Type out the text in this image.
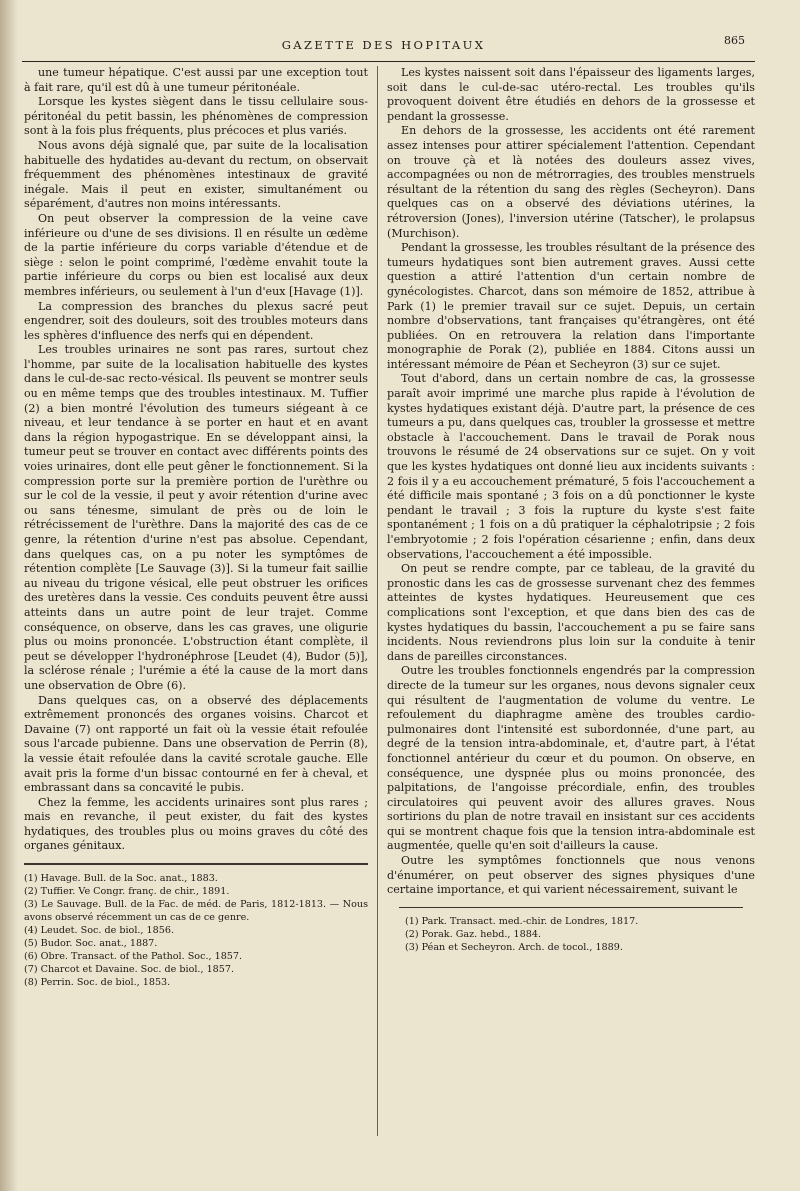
GAZETTE DES HOPITAUX	865

une tumeur hépatique. C'est aussi par une exception tout à fait rare, qu'il est dû à une tumeur péritonéale.

Lorsque les kystes siègent dans le tissu cellulaire sous-péritonéal du petit bassin, les phénomènes de compression sont à la fois plus fréquents, plus précoces et plus variés.

Nous avons déjà signalé que, par suite de la localisation habituelle des hydatides au-devant du rectum, on observait fréquemment des phénomènes intestinaux de gravité inégale. Mais il peut en exister, simultanément ou séparément, d'autres non moins intéressants.

On peut observer la compression de la veine cave inférieure ou d'une de ses divisions. Il en résulte un œdème de la partie inférieure du corps variable d'étendue et de siège : selon le point comprimé, l'œdème envahit toute la partie inférieure du corps ou bien est localisé aux deux membres inférieurs, ou seulement à l'un d'eux [Havage (1)].

La compression des branches du plexus sacré peut engendrer, soit des douleurs, soit des troubles moteurs dans les sphères d'influence des nerfs qui en dépendent.

Les troubles urinaires ne sont pas rares, surtout chez l'homme, par suite de la localisation habituelle des kystes dans le cul-de-sac recto-vésical. Ils peuvent se montrer seuls ou en même temps que des troubles intestinaux. M. Tuffier (2) a bien montré l'évolution des tumeurs siégeant à ce niveau, et leur tendance à se porter en haut et en avant dans la région hypogastrique. En se développant ainsi, la tumeur peut se trouver en contact avec différents points des voies urinaires, dont elle peut gêner le fonctionnement. Si la compression porte sur la première portion de l'urèthre ou sur le col de la vessie, il peut y avoir rétention d'urine avec ou sans ténesme, simulant de près ou de loin le rétrécissement de l'urèthre. Dans la majorité des cas de ce genre, la rétention d'urine n'est pas absolue. Cependant, dans quelques cas, on a pu noter les symptômes de rétention complète [Le Sauvage (3)]. Si la tumeur fait saillie au niveau du trigone vésical, elle peut obstruer les orifices des uretères dans la vessie. Ces conduits peuvent être aussi atteints dans un autre point de leur trajet. Comme conséquence, on observe, dans les cas graves, une oligurie plus ou moins prononcée. L'obstruction étant complète, il peut se développer l'hydronéphrose [Leudet (4), Budor (5)], la sclérose rénale ; l'urémie a été la cause de la mort dans une observation de Obre (6).

Dans quelques cas, on a observé des déplacements extrêmement prononcés des organes voisins. Charcot et Davaine (7) ont rapporté un fait où la vessie était refoulée sous l'arcade pubienne. Dans une observation de Perrin (8), la vessie était refoulée dans la cavité scrotale gauche. Elle avait pris la forme d'un bissac contourné en fer à cheval, et embrassant dans sa concavité le pubis.

Chez la femme, les accidents urinaires sont plus rares ; mais en revanche, il peut exister, du fait des kystes hydatiques, des troubles plus ou moins graves du côté des organes génitaux.

(1) Havage. Bull. de la Soc. anat., 1883.
(2) Tuffier. Ve Congr. franç. de chir., 1891.
(3) Le Sauvage. Bull. de la Fac. de méd. de Paris, 1812-1813. — Nous avons observé récemment un cas de ce genre.
(4) Leudet. Soc. de biol., 1856.
(5) Budor. Soc. anat., 1887.
(6) Obre. Transact. of the Pathol. Soc., 1857.
(7) Charcot et Davaine. Soc. de biol., 1857.
(8) Perrin. Soc. de biol., 1853.

Les kystes naissent soit dans l'épaisseur des ligaments larges, soit dans le cul-de-sac utéro-rectal. Les troubles qu'ils provoquent doivent être étudiés en dehors de la grossesse et pendant la grossesse.

En dehors de la grossesse, les accidents ont été rarement assez intenses pour attirer spécialement l'attention. Cependant on trouve çà et là notées des douleurs assez vives, accompagnées ou non de métrorragies, des troubles menstruels résultant de la rétention du sang des règles (Secheyron). Dans quelques cas on a observé des déviations utérines, la rétroversion (Jones), l'inversion utérine (Tatscher), le prolapsus (Murchison).

Pendant la grossesse, les troubles résultant de la présence des tumeurs hydatiques sont bien autrement graves. Aussi cette question a attiré l'attention d'un certain nombre de gynécologistes. Charcot, dans son mémoire de 1852, attribue à Park (1) le premier travail sur ce sujet. Depuis, un certain nombre d'observations, tant françaises qu'étrangères, ont été publiées. On en retrouvera la relation dans l'importante monographie de Porak (2), publiée en 1884. Citons aussi un intéressant mémoire de Péan et Secheyron (3) sur ce sujet.

Tout d'abord, dans un certain nombre de cas, la grossesse paraît avoir imprimé une marche plus rapide à l'évolution de kystes hydatiques existant déjà. D'autre part, la présence de ces tumeurs a pu, dans quelques cas, troubler la grossesse et mettre obstacle à l'accouchement. Dans le travail de Porak nous trouvons le résumé de 24 observations sur ce sujet. On y voit que les kystes hydatiques ont donné lieu aux incidents suivants : 2 fois il y a eu accouchement prématuré, 5 fois l'accouchement a été difficile mais spontané ; 3 fois on a dû ponctionner le kyste pendant le travail ; 3 fois la rupture du kyste s'est faite spontanément ; 1 fois on a dû pratiquer la céphalotripsie ; 2 fois l'embryotomie ; 2 fois l'opération césarienne ; enfin, dans deux observations, l'accouchement a été impossible.

On peut se rendre compte, par ce tableau, de la gravité du pronostic dans les cas de grossesse survenant chez des femmes atteintes de kystes hydatiques. Heureusement que ces complications sont l'exception, et que dans bien des cas de kystes hydatiques du bassin, l'accouchement a pu se faire sans incidents. Nous reviendrons plus loin sur la conduite à tenir dans de pareilles circonstances.

Outre les troubles fonctionnels engendrés par la compression directe de la tumeur sur les organes, nous devons signaler ceux qui résultent de l'augmentation de volume du ventre. Le refoulement du diaphragme amène des troubles cardio-pulmonaires dont l'intensité est subordonnée, d'une part, au degré de la tension intra-abdominale, et, d'autre part, à l'état fonctionnel antérieur du cœur et du poumon. On observe, en conséquence, une dyspnée plus ou moins prononcée, des palpitations, de l'angoisse précordiale, enfin, des troubles circulatoires qui peuvent avoir des allures graves. Nous sortirions du plan de notre travail en insistant sur ces accidents qui se montrent chaque fois que la tension intra-abdominale est augmentée, quelle qu'en soit d'ailleurs la cause.

Outre les symptômes fonctionnels que nous venons d'énumérer, on peut observer des signes physiques d'une certaine importance, et qui varient nécessairement, suivant le

(1) Park. Transact. med.-chir. de Londres, 1817.
(2) Porak. Gaz. hebd., 1884.
(3) Péan et Secheyron. Arch. de tocol., 1889.
